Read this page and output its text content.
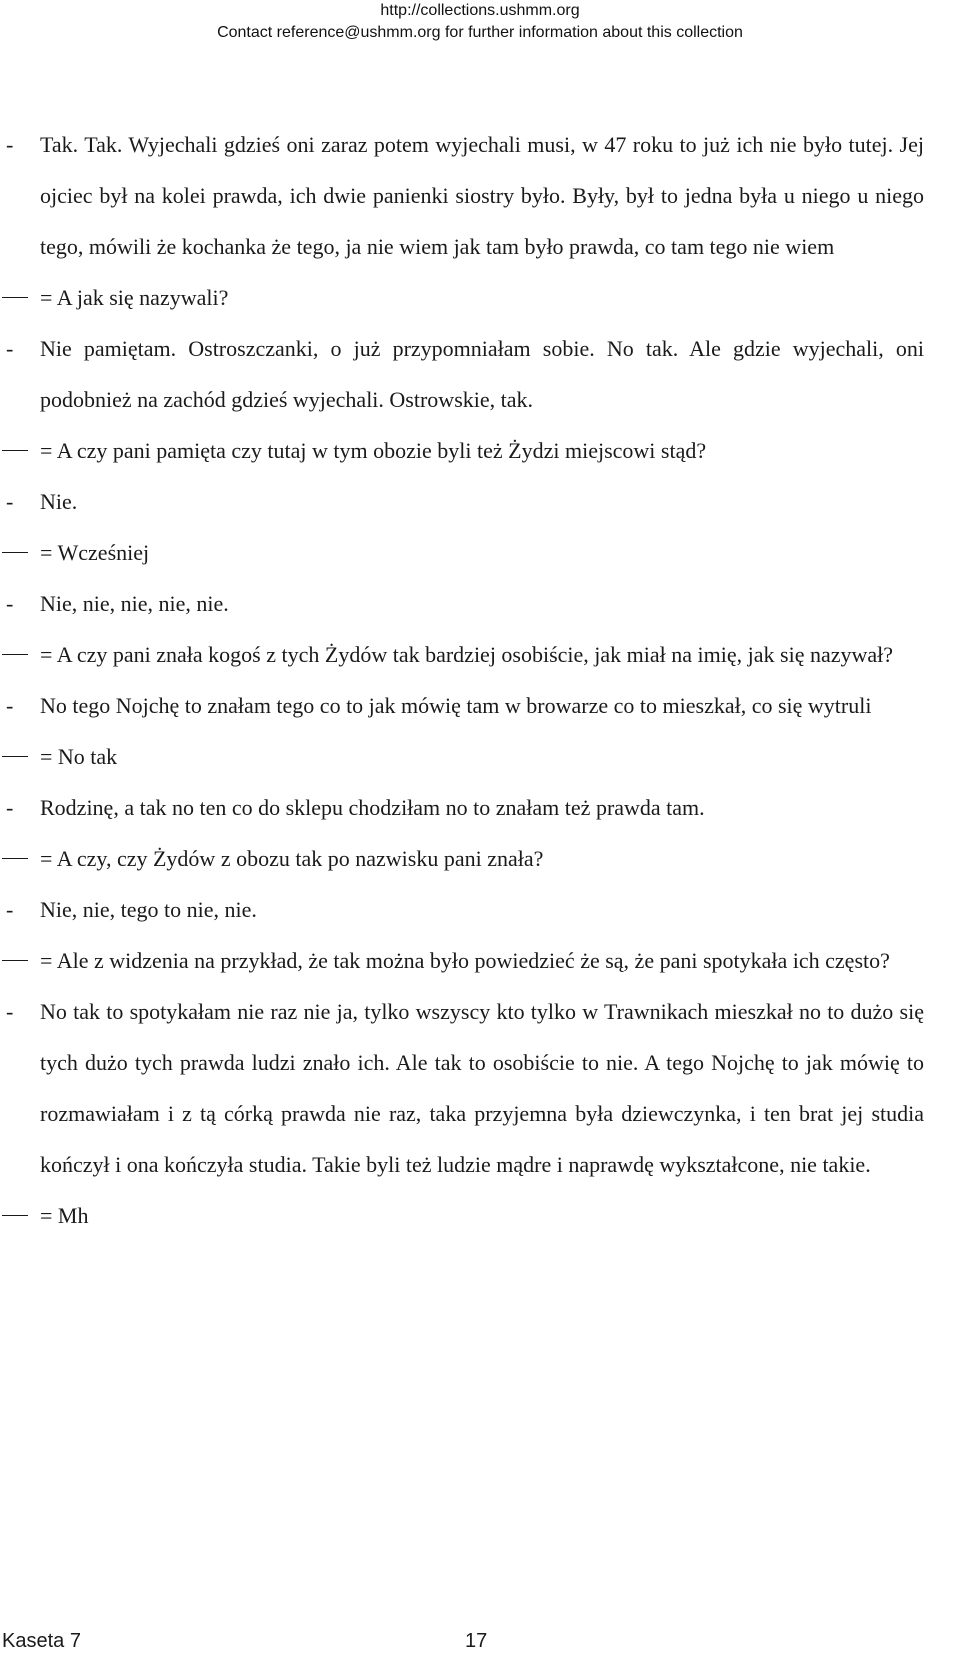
http://collections.ushmm.org
Contact reference@ushmm.org for further information about this collection
-	Tak. Tak. Wyjechali gdzieś oni zaraz potem wyjechali musi, w 47 roku to już ich nie było tutej. Jej ojciec był na kolei prawda, ich dwie panienki siostry było. Były, był to jedna była u niego u niego tego, mówili że kochanka że tego, ja nie wiem jak tam było prawda, co tam tego nie wiem
= A jak się nazywali?
-	Nie pamiętam. Ostroszczanki, o już przypomniałam sobie. No tak. Ale gdzie wyjechali, oni podobnież na zachód gdzieś wyjechali. Ostrowskie, tak.
= A czy pani pamięta czy tutaj w tym obozie byli też Żydzi miejscowi stąd?
-	Nie.
= Wcześniej
-	Nie, nie, nie, nie, nie.
= A czy pani znała kogoś z tych Żydów tak bardziej osobiście, jak miał na imię, jak się nazywał?
-	No tego Nojchę to znałam tego co to jak mówię tam w browarze co to mieszkał, co się wytruli
= No tak
-	Rodzinę, a tak no ten co do sklepu chodziłam no to znałam też prawda tam.
= A czy, czy Żydów z obozu tak po nazwisku pani znała?
-	Nie, nie, tego to nie, nie.
= Ale z widzenia na przykład, że tak można było powiedzieć że są, że pani spotykała ich często?
-	No tak to spotykałam nie raz nie ja, tylko wszyscy kto tylko w Trawnikach mieszkał no to dużo się tych dużo tych prawda ludzi znało ich. Ale tak to osobiście to nie. A tego Nojchę to jak mówię to rozmawiałam i z tą córką prawda nie raz, taka przyjemna była dziewczynka, i ten brat jej studia kończył i ona kończyła studia. Takie byli też ludzie mądre i naprawdę wykształcone, nie takie.
= Mh
Kaseta 7	17
